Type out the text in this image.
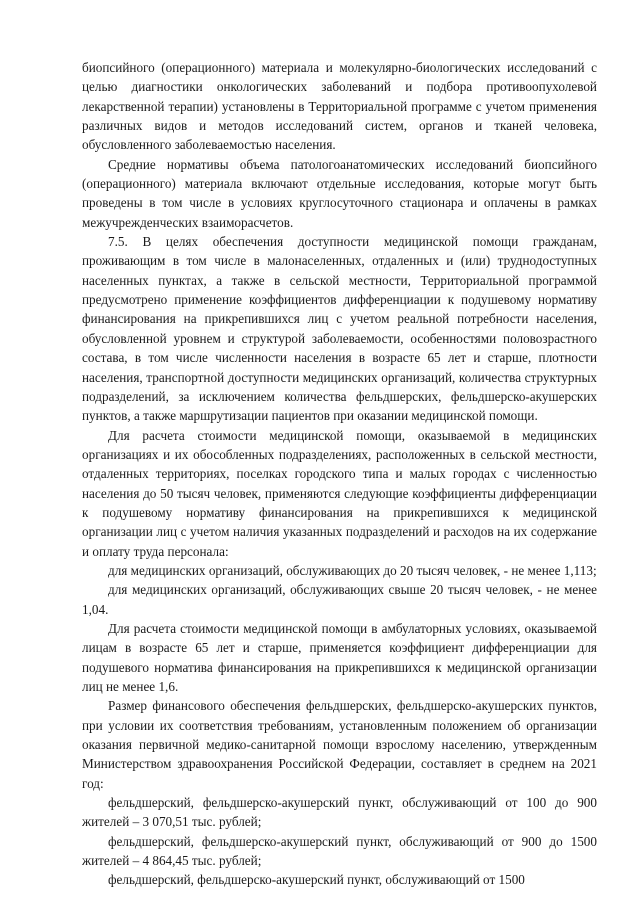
биопсийного (операционного) материала и молекулярно-биологических исследований с целью диагностики онкологических заболеваний и подбора противоопухолевой лекарственной терапии) установлены в Территориальной программе с учетом применения различных видов и методов исследований систем, органов и тканей человека, обусловленного заболеваемостью населения.

Средние нормативы объема патологоанатомических исследований биопсийного (операционного) материала включают отдельные исследования, которые могут быть проведены в том числе в условиях круглосуточного стационара и оплачены в рамках межучрежденческих взаиморасчетов.

7.5. В целях обеспечения доступности медицинской помощи гражданам, проживающим в том числе в малонаселенных, отдаленных и (или) труднодоступных населенных пунктах, а также в сельской местности, Территориальной программой предусмотрено применение коэффициентов дифференциации к подушевому нормативу финансирования на прикрепившихся лиц с учетом реальной потребности населения, обусловленной уровнем и структурой заболеваемости, особенностями половозрастного состава, в том числе численности населения в возрасте 65 лет и старше, плотности населения, транспортной доступности медицинских организаций, количества структурных подразделений, за исключением количества фельдшерских, фельдшерско-акушерских пунктов, а также маршрутизации пациентов при оказании медицинской помощи.

Для расчета стоимости медицинской помощи, оказываемой в медицинских организациях и их обособленных подразделениях, расположенных в сельской местности, отдаленных территориях, поселках городского типа и малых городах с численностью населения до 50 тысяч человек, применяются следующие коэффициенты дифференциации к подушевому нормативу финансирования на прикрепившихся к медицинской организации лиц с учетом наличия указанных подразделений и расходов на их содержание и оплату труда персонала:

для медицинских организаций, обслуживающих до 20 тысяч человек, - не менее 1,113;

для медицинских организаций, обслуживающих свыше 20 тысяч человек, - не менее 1,04.

Для расчета стоимости медицинской помощи в амбулаторных условиях, оказываемой лицам в возрасте 65 лет и старше, применяется коэффициент дифференциации для подушевого норматива финансирования на прикрепившихся к медицинской организации лиц не менее 1,6.

Размер финансового обеспечения фельдшерских, фельдшерско-акушерских пунктов, при условии их соответствия требованиям, установленным положением об организации оказания первичной медико-санитарной помощи взрослому населению, утвержденным Министерством здравоохранения Российской Федерации, составляет в среднем на 2021 год:

фельдшерский, фельдшерско-акушерский пункт, обслуживающий от 100 до 900 жителей – 3 070,51 тыс. рублей;

фельдшерский, фельдшерско-акушерский пункт, обслуживающий от 900 до 1500 жителей – 4 864,45 тыс. рублей;

фельдшерский, фельдшерско-акушерский пункт, обслуживающий от 1500
